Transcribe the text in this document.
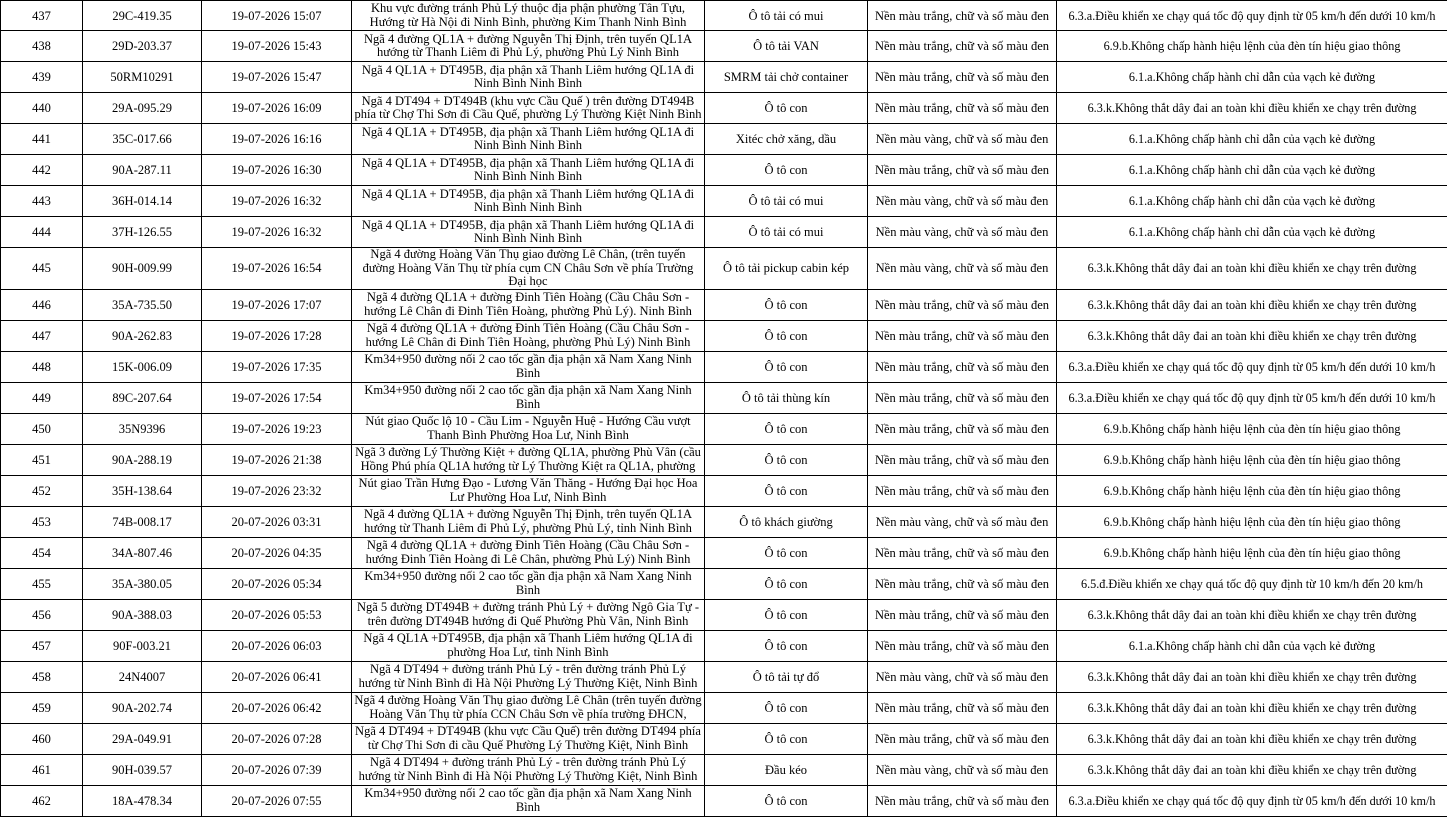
437	29C-419.35	19-07-2026 15:07	Khu vực đường tránh Phủ Lý thuộc địa phận phường Tân Tựu, Hướng từ Hà Nội đi Ninh Bình, phường Kim Thanh Ninh Bình	Ô tô tải có mui	Nền màu trắng, chữ và số màu đen	6.3.a.Điều khiển xe chạy quá tốc độ quy định từ 05 km/h đến dưới 10 km/h
438	29D-203.37	19-07-2026 15:43	Ngã 4 đường QL1A + đường Nguyễn Thị Định, trên tuyến QL1A hướng từ Thanh Liêm đi Phủ Lý, phường Phủ Lý Ninh Bình	Ô tô tải VAN	Nền màu trắng, chữ và số màu đen	6.9.b.Không chấp hành hiệu lệnh của đèn tín hiệu giao thông
439	50RM10291	19-07-2026 15:47	Ngã 4 QL1A + DT495B, địa phận xã Thanh Liêm hướng QL1A đi Ninh Bình Ninh Bình	SMRM tải chở container	Nền màu trắng, chữ và số màu đen	6.1.a.Không chấp hành chỉ dẫn của vạch kẻ đường
440	29A-095.29	19-07-2026 16:09	Ngã 4 DT494 + DT494B (khu vực Cầu Quế ) trên đường DT494B phía từ Chợ Thi Sơn đi Cầu Quế, phường Lý Thường Kiệt Ninh Bình	Ô tô con	Nền màu trắng, chữ và số màu đen	6.3.k.Không thắt dây đai an toàn khi điều khiển xe chạy trên đường
441	35C-017.66	19-07-2026 16:16	Ngã 4 QL1A + DT495B, địa phận xã Thanh Liêm hướng QL1A đi Ninh Bình Ninh Bình	Xitéc chở xăng, dầu	Nền màu vàng, chữ và số màu đen	6.1.a.Không chấp hành chỉ dẫn của vạch kẻ đường
442	90A-287.11	19-07-2026 16:30	Ngã 4 QL1A + DT495B, địa phận xã Thanh Liêm hướng QL1A đi Ninh Bình Ninh Bình	Ô tô con	Nền màu trắng, chữ và số màu đen	6.1.a.Không chấp hành chỉ dẫn của vạch kẻ đường
443	36H-014.14	19-07-2026 16:32	Ngã 4 QL1A + DT495B, địa phận xã Thanh Liêm hướng QL1A đi Ninh Bình Ninh Bình	Ô tô tải có mui	Nền màu vàng, chữ và số màu đen	6.1.a.Không chấp hành chỉ dẫn của vạch kẻ đường
444	37H-126.55	19-07-2026 16:32	Ngã 4 QL1A + DT495B, địa phận xã Thanh Liêm hướng QL1A đi Ninh Bình Ninh Bình	Ô tô tải có mui	Nền màu vàng, chữ và số màu đen	6.1.a.Không chấp hành chỉ dẫn của vạch kẻ đường
445	90H-009.99	19-07-2026 16:54	Ngã 4 đường Hoàng Văn Thụ giao đường Lê Chân, (trên tuyến đường Hoàng Văn Thụ từ phía cụm CN Châu Sơn về phía Trường Đại học	Ô tô tải pickup cabin kép	Nền màu vàng, chữ và số màu đen	6.3.k.Không thắt dây đai an toàn khi điều khiển xe chạy trên đường
446	35A-735.50	19-07-2026 17:07	Ngã 4 đường QL1A + đường Đinh Tiên Hoàng (Cầu Châu Sơn - hướng Lê Chân đi Đinh Tiên Hoàng, phường Phủ Lý). Ninh Bình	Ô tô con	Nền màu trắng, chữ và số màu đen	6.3.k.Không thắt dây đai an toàn khi điều khiển xe chạy trên đường
447	90A-262.83	19-07-2026 17:28	Ngã 4 đường QL1A + đường Đinh Tiên Hoàng (Cầu Châu Sơn - hướng Lê Chân đi Đinh Tiên Hoàng, phường Phủ Lý) Ninh Bình	Ô tô con	Nền màu trắng, chữ và số màu đen	6.3.k.Không thắt dây đai an toàn khi điều khiển xe chạy trên đường
448	15K-006.09	19-07-2026 17:35	Km34+950 đường nối 2 cao tốc gần địa phận xã Nam Xang Ninh Bình	Ô tô con	Nền màu trắng, chữ và số màu đen	6.3.a.Điều khiển xe chạy quá tốc độ quy định từ 05 km/h đến dưới 10 km/h
449	89C-207.64	19-07-2026 17:54	Km34+950 đường nối 2 cao tốc gần địa phận xã Nam Xang Ninh Bình	Ô tô tải thùng kín	Nền màu trắng, chữ và số màu đen	6.3.a.Điều khiển xe chạy quá tốc độ quy định từ 05 km/h đến dưới 10 km/h
450	35N9396	19-07-2026 19:23	Nút giao Quốc lộ 10 - Cầu Lim - Nguyễn Huệ - Hướng Cầu vượt Thanh Bình Phường Hoa Lư, Ninh Bình	Ô tô con	Nền màu trắng, chữ và số màu đen	6.9.b.Không chấp hành hiệu lệnh của đèn tín hiệu giao thông
451	90A-288.19	19-07-2026 21:38	Ngã 3 đường Lý Thường Kiệt + đường QL1A, phường Phù Vân (cầu Hồng Phú phía QL1A hướng từ Lý Thường Kiệt ra QL1A, phường	Ô tô con	Nền màu trắng, chữ và số màu đen	6.9.b.Không chấp hành hiệu lệnh của đèn tín hiệu giao thông
452	35H-138.64	19-07-2026 23:32	Nút giao Trần Hưng Đạo - Lương Văn Thăng - Hướng Đại học Hoa Lư Phường Hoa Lư, Ninh Bình	Ô tô con	Nền màu trắng, chữ và số màu đen	6.9.b.Không chấp hành hiệu lệnh của đèn tín hiệu giao thông
453	74B-008.17	20-07-2026 03:31	Ngã 4 đường QL1A + đường Nguyễn Thị Định, trên tuyến QL1A hướng từ Thanh Liêm đi Phủ Lý, phường Phủ Lý, tỉnh Ninh Bình	Ô tô khách giường	Nền màu vàng, chữ và số màu đen	6.9.b.Không chấp hành hiệu lệnh của đèn tín hiệu giao thông
454	34A-807.46	20-07-2026 04:35	Ngã 4 đường QL1A + đường Đinh Tiên Hoàng (Cầu Châu Sơn - hướng Đinh Tiên Hoàng đi Lê Chân, phường Phủ Lý) Ninh Bình	Ô tô con	Nền màu trắng, chữ và số màu đen	6.9.b.Không chấp hành hiệu lệnh của đèn tín hiệu giao thông
455	35A-380.05	20-07-2026 05:34	Km34+950 đường nối 2 cao tốc gần địa phận xã Nam Xang Ninh Bình	Ô tô con	Nền màu trắng, chữ và số màu đen	6.5.đ.Điều khiển xe chạy quá tốc độ quy định từ 10 km/h đến 20 km/h
456	90A-388.03	20-07-2026 05:53	Ngã 5 đường DT494B + đường tránh Phủ Lý + đường Ngô Gia Tự - trên đường DT494B hướng đi Quế Phường Phù Vân, Ninh Bình	Ô tô con	Nền màu trắng, chữ và số màu đen	6.3.k.Không thắt dây đai an toàn khi điều khiển xe chạy trên đường
457	90F-003.21	20-07-2026 06:03	Ngã 4 QL1A +DT495B, địa phận xã Thanh Liêm hướng QL1A đi phường Hoa Lư, tỉnh Ninh Bình	Ô tô con	Nền màu trắng, chữ và số màu đen	6.1.a.Không chấp hành chỉ dẫn của vạch kẻ đường
458	24N4007	20-07-2026 06:41	Ngã 4 DT494 + đường tránh Phủ Lý - trên đường tránh Phủ Lý hướng từ Ninh Bình đi Hà Nội Phường Lý Thường Kiệt, Ninh Bình	Ô tô tải tự đổ	Nền màu vàng, chữ và số màu đen	6.3.k.Không thắt dây đai an toàn khi điều khiển xe chạy trên đường
459	90A-202.74	20-07-2026 06:42	Ngã 4 đường Hoàng Văn Thụ giao đường Lê Chân (trên tuyến đường Hoàng Văn Thụ từ phía CCN Châu Sơn về phía trường ĐHCN,	Ô tô con	Nền màu trắng, chữ và số màu đen	6.3.k.Không thắt dây đai an toàn khi điều khiển xe chạy trên đường
460	29A-049.91	20-07-2026 07:28	Ngã 4 DT494 + DT494B (khu vực Cầu Quế) trên đường DT494 phía từ Chợ Thi Sơn đi cầu Quế Phường Lý Thường Kiệt, Ninh Bình	Ô tô con	Nền màu trắng, chữ và số màu đen	6.3.k.Không thắt dây đai an toàn khi điều khiển xe chạy trên đường
461	90H-039.57	20-07-2026 07:39	Ngã 4 DT494 + đường tránh Phủ Lý - trên đường tránh Phủ Lý hướng từ Ninh Bình đi Hà Nội Phường Lý Thường Kiệt, Ninh Bình	Đầu kéo	Nền màu vàng, chữ và số màu đen	6.3.k.Không thắt dây đai an toàn khi điều khiển xe chạy trên đường
462	18A-478.34	20-07-2026 07:55	Km34+950 đường nối 2 cao tốc gần địa phận xã Nam Xang Ninh Bình	Ô tô con	Nền màu trắng, chữ và số màu đen	6.3.a.Điều khiển xe chạy quá tốc độ quy định từ 05 km/h đến dưới 10 km/h
